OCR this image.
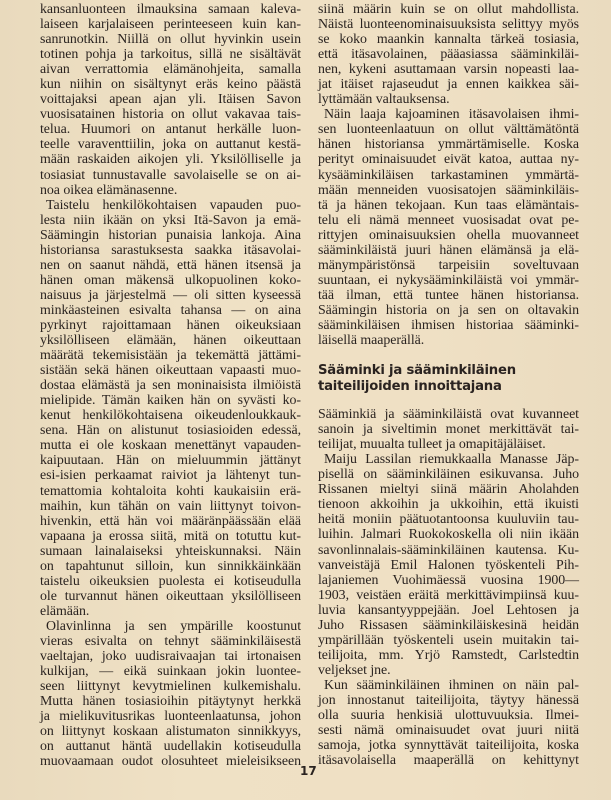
kansanluonteen ilmauksina samaan kaleva-
laiseen karjalaiseen perinteeseen kuin kan-
sanrunotkin. Niillä on ollut hyvinkin usein
totinen pohja ja tarkoitus, sillä ne sisältävät
aivan verrattomia elämänohjeita, samalla
kun niihin on sisältynyt eräs keino päästä
voittajaksi apean ajan yli. Itäisen Savon
vuosisatainen historia on ollut vakavaa tais-
telua. Huumori on antanut herkälle luon-
teelle varaventtiilin, joka on auttanut kestä-
mään raskaiden aikojen yli. Yksilölliselle ja
tosiasiat tunnustavalle savolaiselle se on ai-
noa oikea elämänasenne.
Taistelu henkilökohtaisen vapauden puo-
lesta niin ikään on yksi Itä-Savon ja emä-
Säämingin historian punaisia lankoja. Aina
historiansa sarastuksesta saakka itäsavolai-
nen on saanut nähdä, että hänen itsensä ja
hänen oman mäkensä ulkopuolinen koko-
naisuus ja järjestelmä — oli sitten kyseessä
minkäasteinen esivalta tahansa — on aina
pyrkinyt rajoittamaan hänen oikeuksiaan
yksilölliseen elämään, hänen oikeuttaan
määrätä tekemisistään ja tekemättä jättämi-
sistään sekä hänen oikeuttaan vapaasti muo-
dostaa elämästä ja sen moninaisista ilmiöistä
mielipide. Tämän kaiken hän on syvästi ko-
kenut henkilökohtaisena oikeudenloukkauk-
sena. Hän on alistunut tosiasioiden edessä,
mutta ei ole koskaan menettänyt vapauden-
kaipuutaan. Hän on mieluummin jättänyt
esi-isien perkaamat raiviot ja lähtenyt tun-
temattomia kohtaloita kohti kaukaisiin erä-
maihin, kun tähän on vain liittynyt toivon-
hivenkin, että hän voi määränpäässään elää
vapaana ja erossa siitä, mitä on totuttu kut-
sumaan lainalaiseksi yhteiskunnaksi. Näin
on tapahtunut silloin, kun sinnikkäinkään
taistelu oikeuksien puolesta ei kotiseudulla
ole turvannut hänen oikeuttaan yksilölliseen
elämään.
Olavinlinna ja sen ympärille koostunut
vieras esivalta on tehnyt sääminkiläisestä
vaeltajan, joko uudisraivaajan tai irtonaisen
kulkijan, — eikä suinkaan jokin luontee-
seen liittynyt kevytmielinen kulkemishalu.
Mutta hänen tosiasioihin pitäytynyt herkkä
ja mielikuvitusrikas luonteenlaatunsa, johon
on liittynyt koskaan alistumaton sinnikkyys,
on auttanut häntä uudellakin kotiseudulla
muovaamaan oudot olosuhteet mieleisikseen
siinä määrin kuin se on ollut mahdollista.
Näistä luonteenominaisuuksista selittyy myös
se koko maankin kannalta tärkeä tosiasia,
että itäsavolainen, pääasiassa sääminkiläi-
nen, kykeni asuttamaan varsin nopeasti laa-
jat itäiset rajaseudut ja ennen kaikkea säi-
lyttämään valtauksensa.
Näin laaja kajoaminen itäsavolaisen ihmi-
sen luonteenlaatuun on ollut välttämätöntä
hänen historiansa ymmärtämiselle. Koska
perityt ominaisuudet eivät katoa, auttaa ny-
kysääminkiläisen tarkastaminen ymmärtä-
mään menneiden vuosisatojen sääminkiläis-
tä ja hänen tekojaan. Kun taas elämäntais-
telu eli nämä menneet vuosisadat ovat pe-
rittyjen ominaisuuksien ohella muovanneet
sääminkiläistä juuri hänen elämänsä ja elä-
mänympäristönsä tarpeisiin soveltuvaan
suuntaan, ei nykysääminkiläistä voi ymmär-
tää ilman, että tuntee hänen historiansa.
Säämingin historia on ja sen on oltavakin
sääminkiläisen ihmisen historiaa sääminki-
läisellä maaperällä.
Sääminki ja sääminkiläinen
taiteilijoiden innoittajana
Sääminkiä ja sääminkiläistä ovat kuvanneet
sanoin ja siveltimin monet merkittävät tai-
teilijat, muualta tulleet ja omapitäjäläiset.
Maiju Lassilan riemukkaalla Manasse Jäp-
pisellä on sääminkiläinen esikuvansa. Juho
Rissanen mieltyi siinä määrin Aholahden
tienoon akkoihin ja ukkoihin, että ikuisti
heitä moniin päätuotantoonsa kuuluviin tau-
luihin. Jalmari Ruokokoskella oli niin ikään
savonlinnalais-sääminkiläinen kautensa. Ku-
vanveistäjä Emil Halonen työskenteli Pih-
lajaniemen Vuohimäessä vuosina 1900—
1903, veistäen eräitä merkittävimpiinsä kuu-
luvia kansantyyppejään. Joel Lehtosen ja
Juho Rissasen sääminkiläiskesinä heidän
ympärillään työskenteli usein muitakin tai-
teilijoita, mm. Yrjö Ramstedt, Carlstedtin
veljekset jne.
Kun sääminkiläinen ihminen on näin pal-
jon innostanut taiteilijoita, täytyy hänessä
olla suuria henkisiä ulottuvuuksia. Ilmei-
sesti nämä ominaisuudet ovat juuri niitä
samoja, jotka synnyttävät taiteilijoita, koska
itäsavolaisella maaperällä on kehittynyt
17
